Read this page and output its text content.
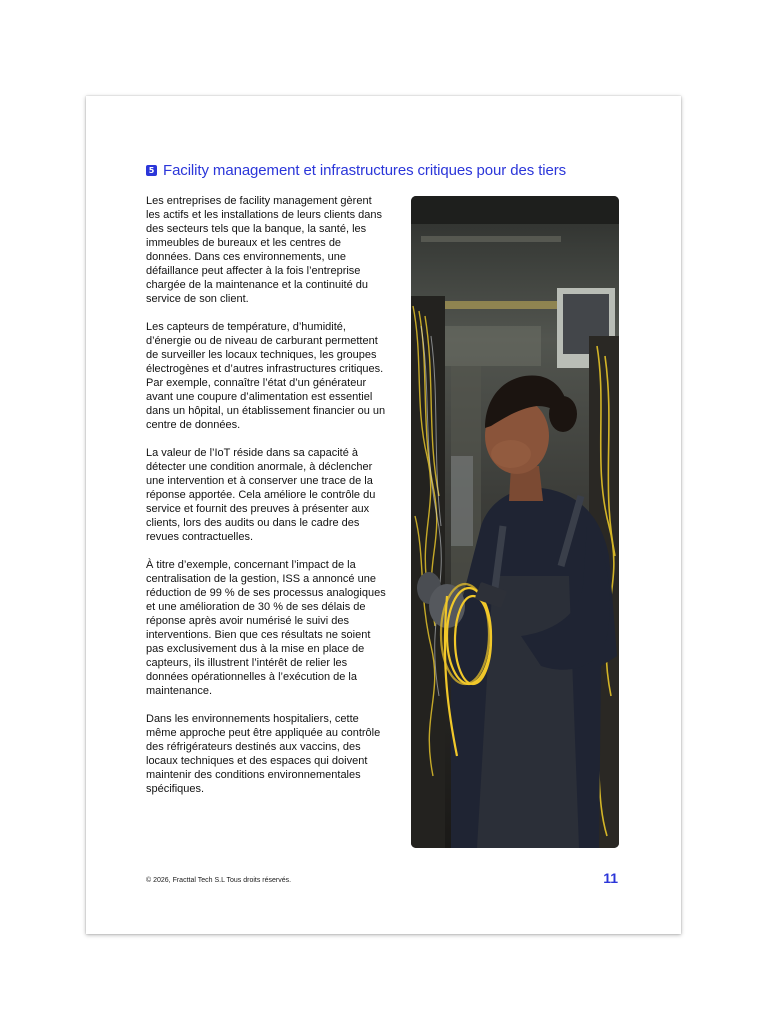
5 Facility management et infrastructures critiques pour des tiers

Les entreprises de facility management gèrent les actifs et les installations de leurs clients dans des secteurs tels que la banque, la santé, les immeubles de bureaux et les centres de données. Dans ces environnements, une défaillance peut affecter à la fois l’entreprise chargée de la maintenance et la continuité du service de son client.

Les capteurs de température, d’humidité, d’énergie ou de niveau de carburant permettent de surveiller les locaux techniques, les groupes électrogènes et d’autres infrastructures critiques. Par exemple, connaître l’état d’un générateur avant une coupure d’alimentation est essentiel dans un hôpital, un établissement financier ou un centre de données.

La valeur de l’IoT réside dans sa capacité à détecter une condition anormale, à déclencher une intervention et à conserver une trace de la réponse apportée. Cela améliore le contrôle du service et fournit des preuves à présenter aux clients, lors des audits ou dans le cadre des revues contractuelles.

À titre d’exemple, concernant l’impact de la centralisation de la gestion, ISS a annoncé une réduction de 99 % de ses processus analogiques et une amélioration de 30 % de ses délais de réponse après avoir numérisé le suivi des interventions. Bien que ces résultats ne soient pas exclusivement dus à la mise en place de capteurs, ils illustrent l’intérêt de relier les données opérationnelles à l’exécution de la maintenance.

Dans les environnements hospitaliers, cette même approche peut être appliquée au contrôle des réfrigérateurs destinés aux vaccins, des locaux techniques et des espaces qui doivent maintenir des conditions environnementales spécifiques.

© 2026, Fracttal Tech S.L Tous droits réservés.	11
